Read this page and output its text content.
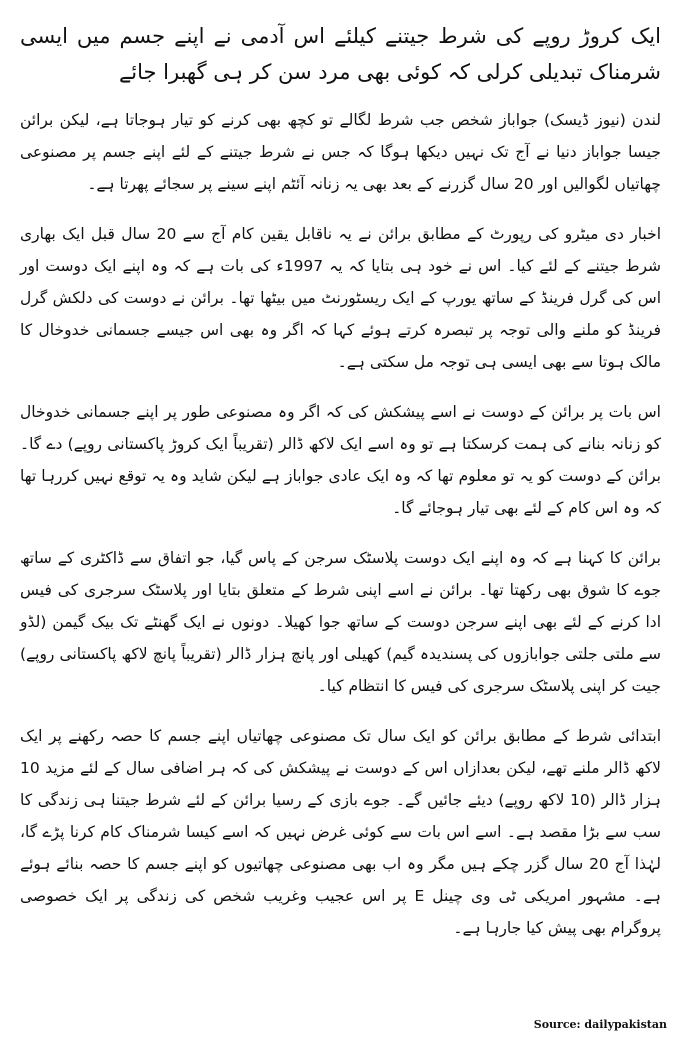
ایک کروڑ روپے کی شرط جیتنے کیلئے اس آدمی نے اپنے جسم میں ایسی شرمناک تبدیلی کرلی کہ کوئی بھی مرد سن کر ہی گھبرا جائے

لندن (نیوز ڈیسک) جواباز شخص جب شرط لگالے تو کچھ بھی کرنے کو تیار ہوجاتا ہے، لیکن برائن جیسا جواباز دنیا نے آج تک نہیں دیکھا ہوگا کہ جس نے شرط جیتنے کے لئے اپنے جسم پر مصنوعی چھاتیاں لگوالیں اور 20 سال گزرنے کے بعد بھی یہ زنانہ آئٹم اپنے سینے پر سجائے پھرتا ہے۔

اخبار دی میٹرو کی رپورٹ کے مطابق برائن نے یہ ناقابل یقین کام آج سے 20 سال قبل ایک بھاری شرط جیتنے کے لئے کیا۔ اس نے خود ہی بتایا کہ یہ 1997ء کی بات ہے کہ وہ اپنے ایک دوست اور اس کی گرل فرینڈ کے ساتھ یورپ کے ایک ریسٹورنٹ میں بیٹھا تھا۔ برائن نے دوست کی دلکش گرل فرینڈ کو ملنے والی توجہ پر تبصرہ کرتے ہوئے کہا کہ اگر وہ بھی اس جیسے جسمانی خدوخال کا مالک ہوتا سے بھی ایسی ہی توجہ مل سکتی ہے۔

اس بات پر برائن کے دوست نے اسے پیشکش کی کہ اگر وہ مصنوعی طور پر اپنے جسمانی خدوخال کو زنانہ بنانے کی ہمت کرسکتا ہے تو وہ اسے ایک لاکھ ڈالر (تقریباً ایک کروڑ پاکستانی روپے) دے گا۔ برائن کے دوست کو یہ تو معلوم تھا کہ وہ ایک عادی جواباز ہے لیکن شاید وہ یہ توقع نہیں کررہا تھا کہ وہ اس کام کے لئے بھی تیار ہوجائے گا۔

برائن کا کہنا ہے کہ وہ اپنے ایک دوست پلاسٹک سرجن کے پاس گیا، جو اتفاق سے ڈاکٹری کے ساتھ جوے کا شوق بھی رکھتا تھا۔ برائن نے اسے اپنی شرط کے متعلق بتایا اور پلاسٹک سرجری کی فیس ادا کرنے کے لئے بھی اپنے سرجن دوست کے ساتھ جوا کھیلا۔ دونوں نے ایک گھنٹے تک بیک گیمن (لڈو سے ملتی جلتی جوابازوں کی پسندیدہ گیم) کھیلی اور پانچ ہزار ڈالر (تقریباً پانچ لاکھ پاکستانی روپے) جیت کر اپنی پلاسٹک سرجری کی فیس کا انتظام کیا۔

ابتدائی شرط کے مطابق برائن کو ایک سال تک مصنوعی چھاتیاں اپنے جسم کا حصہ رکھنے پر ایک لاکھ ڈالر ملنے تھے، لیکن بعدازاں اس کے دوست نے پیشکش کی کہ ہر اضافی سال کے لئے مزید 10 ہزار ڈالر (10 لاکھ روپے) دیئے جائیں گے۔ جوے بازی کے رسیا برائن کے لئے شرط جیتنا ہی زندگی کا سب سے بڑا مقصد ہے۔ اسے اس بات سے کوئی غرض نہیں کہ اسے کیسا شرمناک کام کرنا پڑے گا، لہٰذا آج 20 سال گزر چکے ہیں مگر وہ اب بھی مصنوعی چھاتیوں کو اپنے جسم کا حصہ بنائے ہوئے ہے۔ مشہور امریکی ٹی وی چینل E پر اس عجیب وغریب شخص کی زندگی پر ایک خصوصی پروگرام بھی پیش کیا جارہا ہے۔

Source: dailypakistan
